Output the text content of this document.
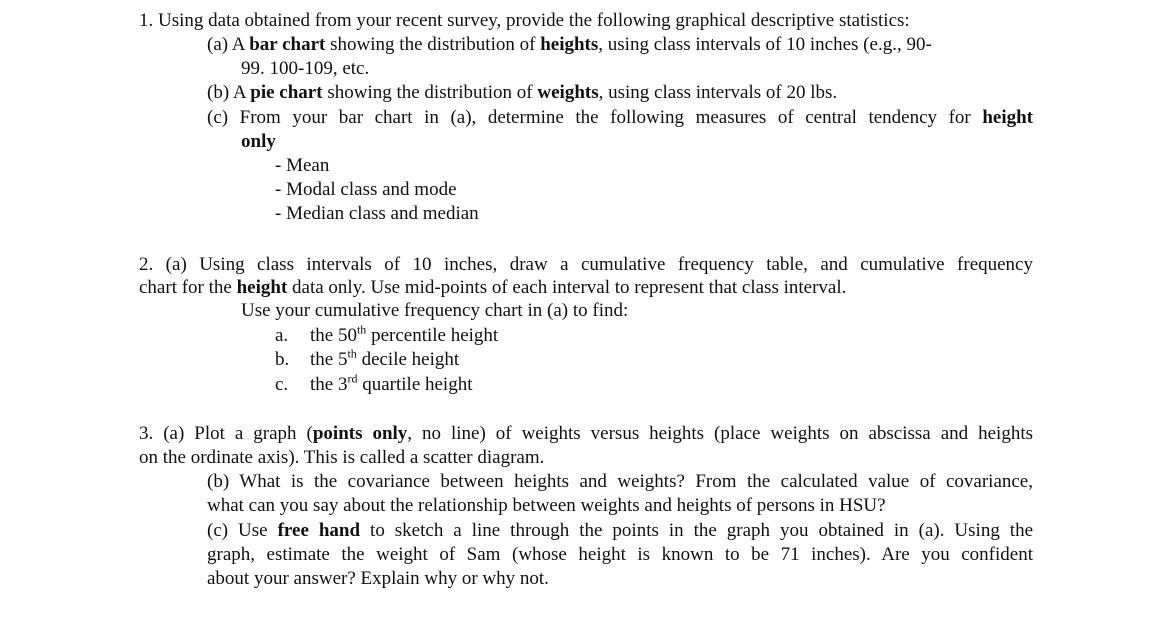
1. Using data obtained from your recent survey, provide the following graphical descriptive statistics:
(a) A bar chart showing the distribution of heights, using class intervals of 10 inches (e.g., 90-
99. 100-109, etc.
(b) A pie chart showing the distribution of weights, using class intervals of 20 lbs.
(c) From your bar chart in (a), determine the following measures of central tendency for height
only
- Mean
- Modal class and mode
- Median class and median
2. (a) Using class intervals of 10 inches, draw a cumulative frequency table, and cumulative frequency
chart for the height data only. Use mid-points of each interval to represent that class interval.
Use your cumulative frequency chart in (a) to find:
a. the 50th percentile height
b. the 5th decile height
c. the 3rd quartile height
3. (a) Plot a graph (points only, no line) of weights versus heights (place weights on abscissa and heights
on the ordinate axis). This is called a scatter diagram.
(b) What is the covariance between heights and weights? From the calculated value of covariance,
what can you say about the relationship between weights and heights of persons in HSU?
(c) Use free hand to sketch a line through the points in the graph you obtained in (a). Using the
graph, estimate the weight of Sam (whose height is known to be 71 inches). Are you confident
about your answer? Explain why or why not.
